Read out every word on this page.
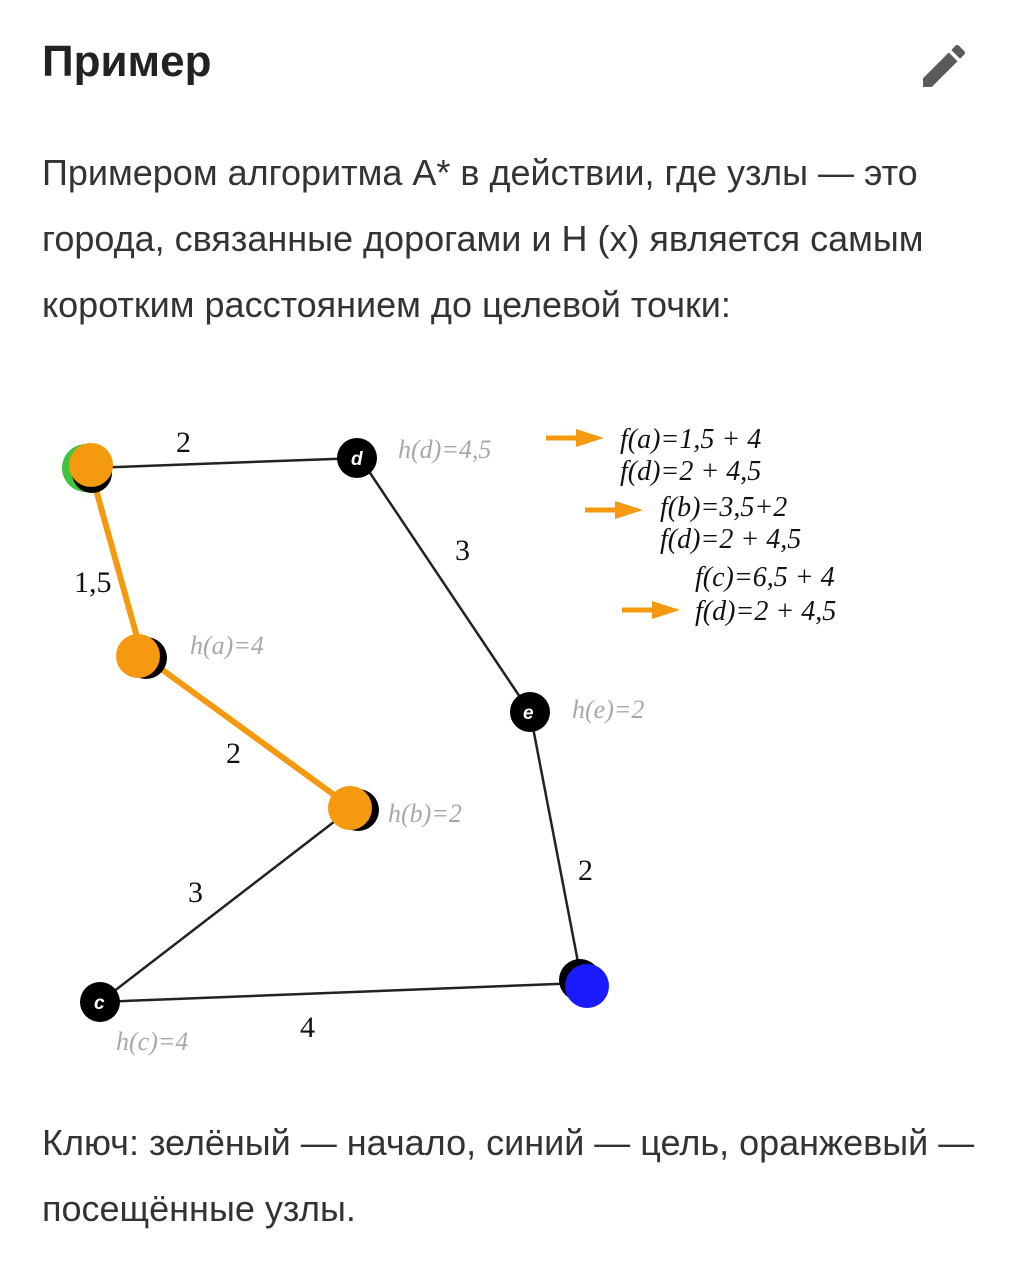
Пример

Примером алгоритма A* в действии, где узлы — это города, связанные дорогами и H (x) является самым коротким расстоянием до целевой точки:

2
1,5
3
2
3
2
4
d
e
c
h(d)=4,5
h(a)=4
h(e)=2
h(b)=2
h(c)=4
f(a)=1,5 + 4
f(d)=2 + 4,5
f(b)=3,5+2
f(d)=2 + 4,5
f(c)=6,5 + 4
f(d)=2 + 4,5

Ключ: зелёный — начало, синий — цель, оранжевый — посещённые узлы.
